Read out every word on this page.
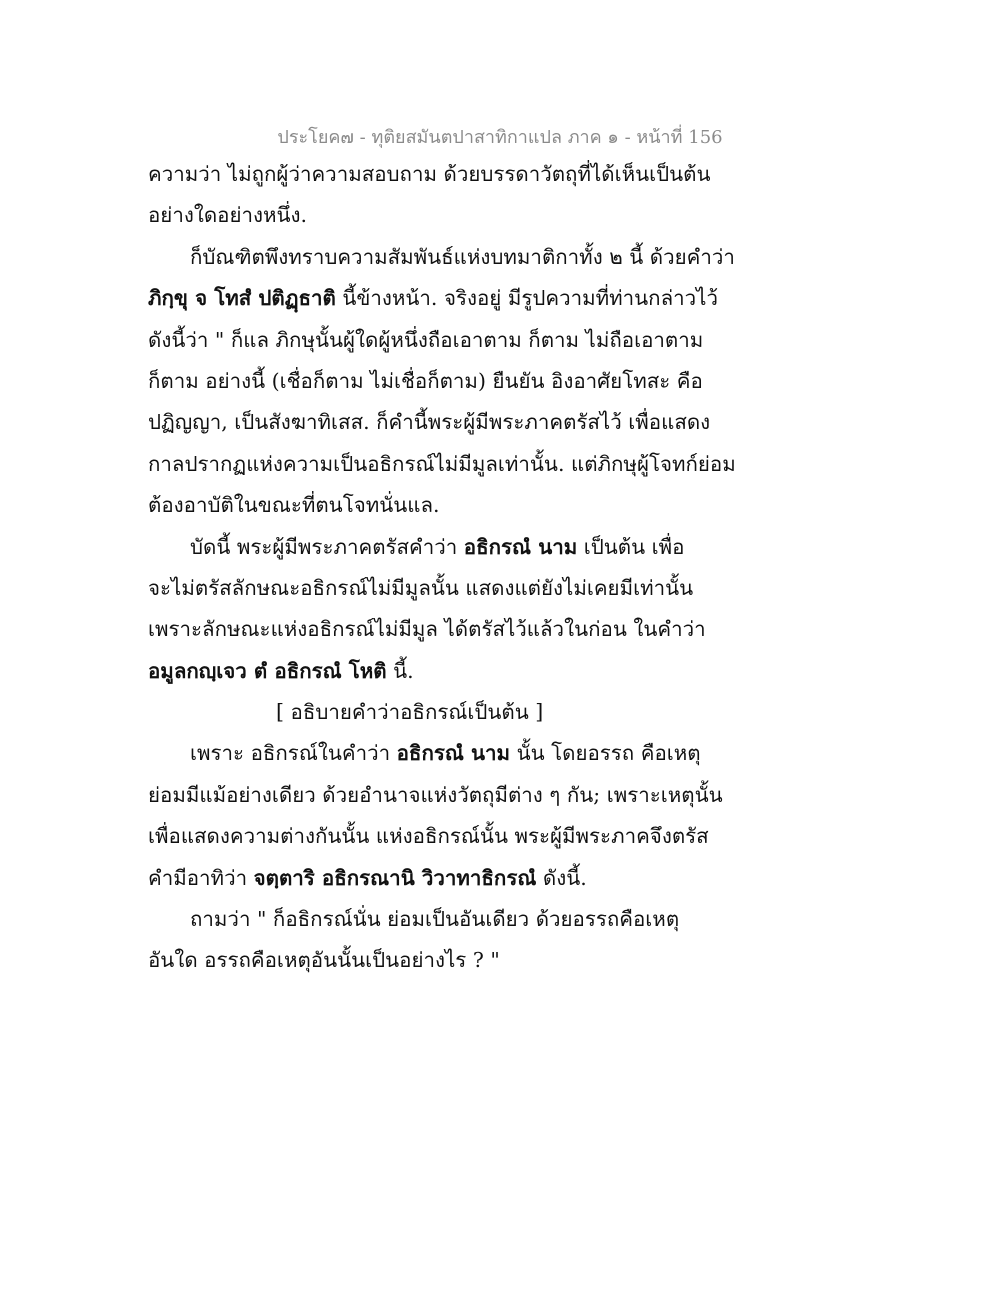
ประโยค๗ - ทุติยสมันตปาสาทิกาแปล ภาค ๑ - หน้าที่ 156
ความว่า ไม่ถูกผู้ว่าความสอบถาม ด้วยบรรดาวัตถุที่ได้เห็นเป็นต้น
อย่างใดอย่างหนึ่ง.
ก็บัณฑิตพึงทราบความสัมพันธ์แห่งบทมาติกาทั้ง ๒ นี้ ด้วยคำว่า
ภิกฺขุ จ โทสํ ปติฏฺธาติ นี้ข้างหน้า. จริงอยู่ มีรูปความที่ท่านกล่าวไว้
ดังนี้ว่า " ก็แล ภิกษุนั้นผู้ใดผู้หนึ่งถือเอาตาม ก็ตาม ไม่ถือเอาตาม
ก็ตาม อย่างนี้ (เชื่อก็ตาม ไม่เชื่อก็ตาม) ยืนยัน อิงอาศัยโทสะ คือ
ปฏิญญา, เป็นสังฆาทิเสส. ก็คำนี้พระผู้มีพระภาคตรัสไว้ เพื่อแสดง
กาลปรากฏแห่งความเป็นอธิกรณ์ไม่มีมูลเท่านั้น. แต่ภิกษุผู้โจทก์ย่อม
ต้องอาบัติในขณะที่ตนโจทนั่นแล.
บัดนี้ พระผู้มีพระภาคตรัสคำว่า อธิกรณํ นาม เป็นต้น เพื่อ
จะไม่ตรัสลักษณะอธิกรณ์ไม่มีมูลนั้น แสดงแต่ยังไม่เคยมีเท่านั้น
เพราะลักษณะแห่งอธิกรณ์ไม่มีมูล ได้ตรัสไว้แล้วในก่อน ในคำว่า
อมูลกญฺเจว ตํ อธิกรณํ โหติ นี้.
[ อธิบายคำว่าอธิกรณ์เป็นต้น ]
เพราะ อธิกรณ์ในคำว่า อธิกรณํ นาม นั้น โดยอรรถ คือเหตุ
ย่อมมีแม้อย่างเดียว ด้วยอำนาจแห่งวัตถุมีต่าง ๆ กัน; เพราะเหตุนั้น
เพื่อแสดงความต่างกันนั้น แห่งอธิกรณ์นั้น พระผู้มีพระภาคจึงตรัส
คำมีอาทิว่า จตฺตาริ อธิกรณานิ วิวาทาธิกรณํ ดังนี้.
ถามว่า " ก็อธิกรณ์นั่น ย่อมเป็นอันเดียว ด้วยอรรถคือเหตุ
อันใด อรรถคือเหตุอันนั้นเป็นอย่างไร ? "
